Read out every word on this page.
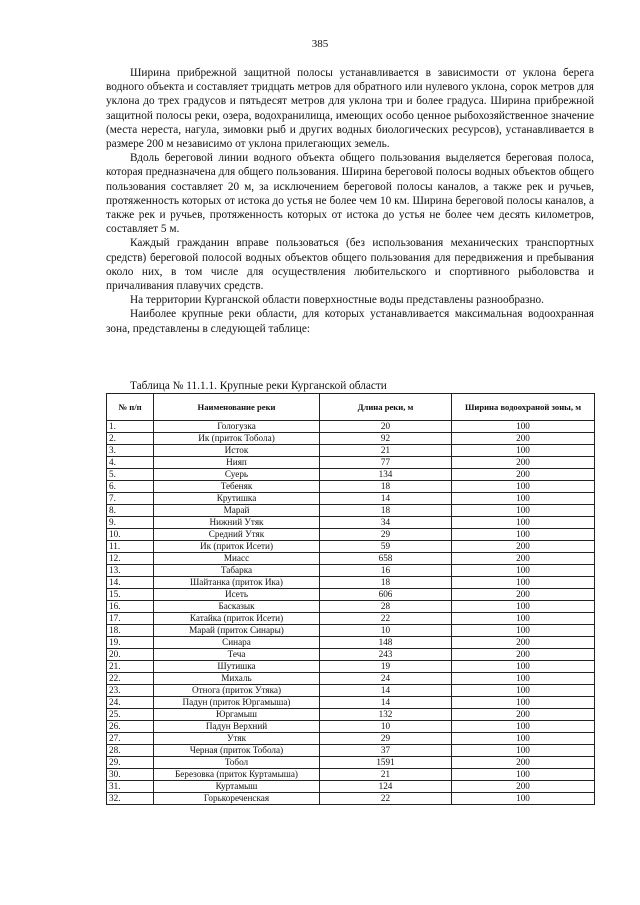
385

Ширина прибрежной защитной полосы устанавливается в зависимости от уклона берега водного объекта и составляет тридцать метров для обратного или нулевого уклона, сорок метров для уклона до трех градусов и пятьдесят метров для уклона три и более градуса. Ширина прибрежной защитной полосы реки, озера, водохранилища, имеющих особо ценное рыбохозяйственное значение (места нереста, нагула, зимовки рыб и других водных биологических ресурсов), устанавливается в размере 200 м независимо от уклона прилегающих земель.

Вдоль береговой линии водного объекта общего пользования выделяется береговая полоса, которая предназначена для общего пользования. Ширина береговой полосы водных объектов общего пользования составляет 20 м, за исключением береговой полосы каналов, а также рек и ручьев, протяженность которых от истока до устья не более чем 10 км. Ширина береговой полосы каналов, а также рек и ручьев, протяженность которых от истока до устья не более чем десять километров, составляет 5 м.

Каждый гражданин вправе пользоваться (без использования механических транспортных средств) береговой полосой водных объектов общего пользования для передвижения и пребывания около них, в том числе для осуществления любительского и спортивного рыболовства и причаливания плавучих средств.

На территории Курганской области поверхностные воды представлены разнообразно.

Наиболее крупные реки области, для которых устанавливается максимальная водоохранная зона, представлены в следующей таблице:

Таблица № 11.1.1. Крупные реки Курганской области
№ п/п	Наименование реки	Длина реки, м	Ширина водоохраной зоны, м
1.	Гологузка	20	100
2.	Ик (приток Тобола)	92	200
3.	Исток	21	100
4.	Нияп	77	200
5.	Суерь	134	200
6.	Тебеняк	18	100
7.	Крутишка	14	100
8.	Марай	18	100
9.	Нижний Утяк	34	100
10.	Средний Утяк	29	100
11.	Ик (приток Исети)	59	200
12.	Миасс	658	200
13.	Табарка	16	100
14.	Шайтанка (приток Ика)	18	100
15.	Исеть	606	200
16.	Басказык	28	100
17.	Катайка (приток Исети)	22	100
18.	Марай (приток Синары)	10	100
19.	Синара	148	200
20.	Теча	243	200
21.	Шутишка	19	100
22.	Михаль	24	100
23.	Отнога (приток Утяка)	14	100
24.	Падун (приток Юргамыша)	14	100
25.	Юргамыш	132	200
26.	Падун Верхний	10	100
27.	Утяк	29	100
28.	Черная (приток Тобола)	37	100
29.	Тобол	1591	200
30.	Березовка (приток Куртамыша)	21	100
31.	Куртамыш	124	200
32.	Горькореченская	22	100
